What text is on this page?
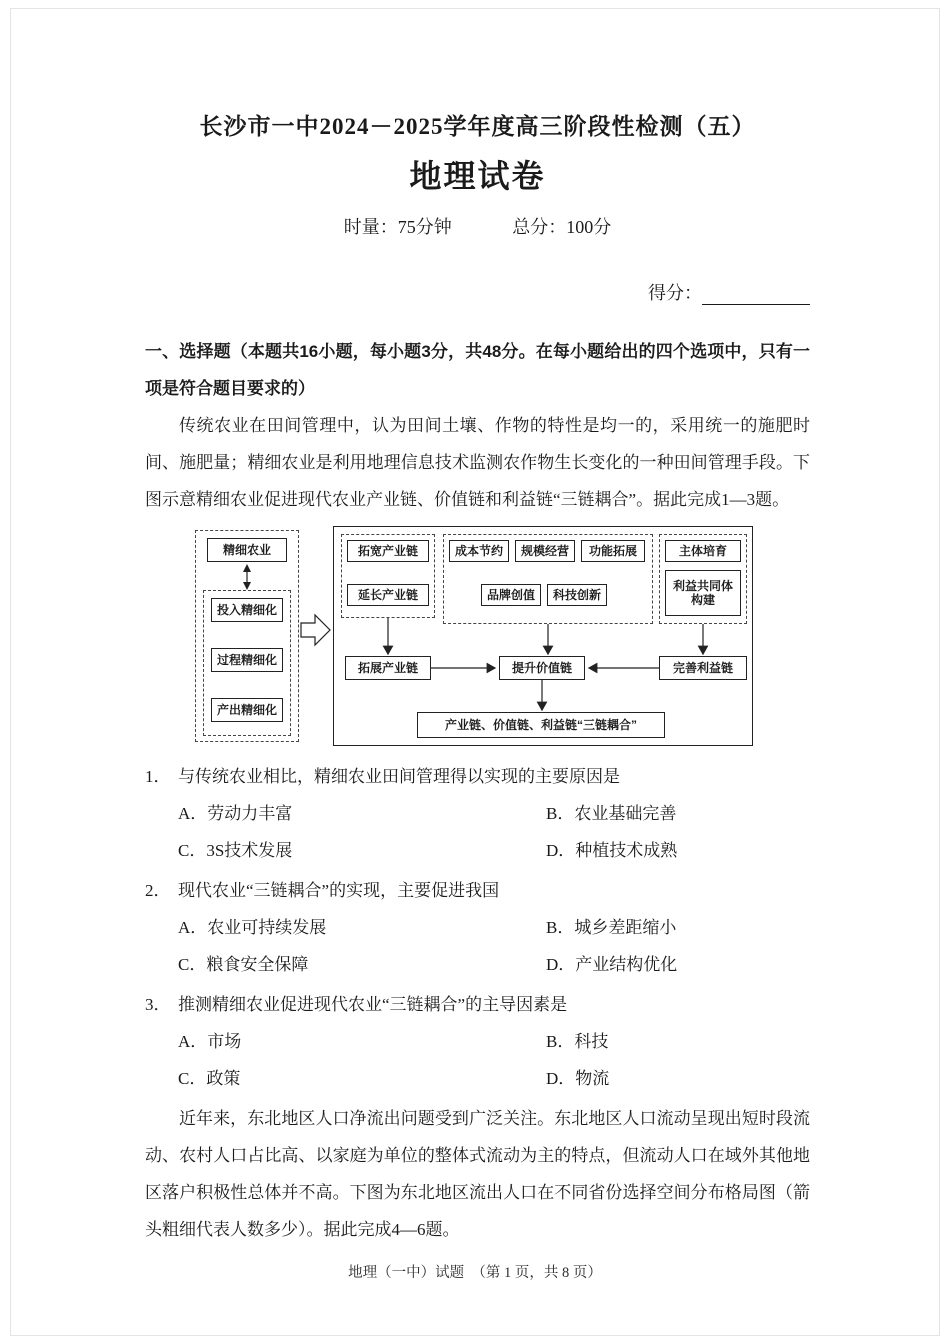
长沙市一中2024－2025学年度高三阶段性检测（五）
地理试卷
时量：75分钟	总分：100分
得分：
一、选择题（本题共16小题，每小题3分，共48分。在每小题给出的四个选项中，只有一项是符合题目要求的）
传统农业在田间管理中，认为田间土壤、作物的特性是均一的，采用统一的施肥时间、施肥量；精细农业是利用地理信息技术监测农作物生长变化的一种田间管理手段。下图示意精细农业促进现代农业产业链、价值链和利益链“三链耦合”。据此完成1—3题。
精细农业
投入精细化
过程精细化
产出精细化
拓宽产业链
延长产业链
成本节约	规模经营	功能拓展
品牌创值	科技创新
主体培育
利益共同体构建
拓展产业链	提升价值链	完善利益链
产业链、价值链、利益链“三链耦合”
1． 与传统农业相比，精细农业田间管理得以实现的主要原因是
A．劳动力丰富	B．农业基础完善
C．3S技术发展	D．种植技术成熟
2． 现代农业“三链耦合”的实现，主要促进我国
A．农业可持续发展	B．城乡差距缩小
C．粮食安全保障	D．产业结构优化
3． 推测精细农业促进现代农业“三链耦合”的主导因素是
A．市场	B．科技
C．政策	D．物流
近年来，东北地区人口净流出问题受到广泛关注。东北地区人口流动呈现出短时段流动、农村人口占比高、以家庭为单位的整体式流动为主的特点，但流动人口在域外其他地区落户积极性总体并不高。下图为东北地区流出人口在不同省份选择空间分布格局图（箭头粗细代表人数多少）。据此完成4—6题。
地理（一中）试题　（第 1 页，共 8 页）
